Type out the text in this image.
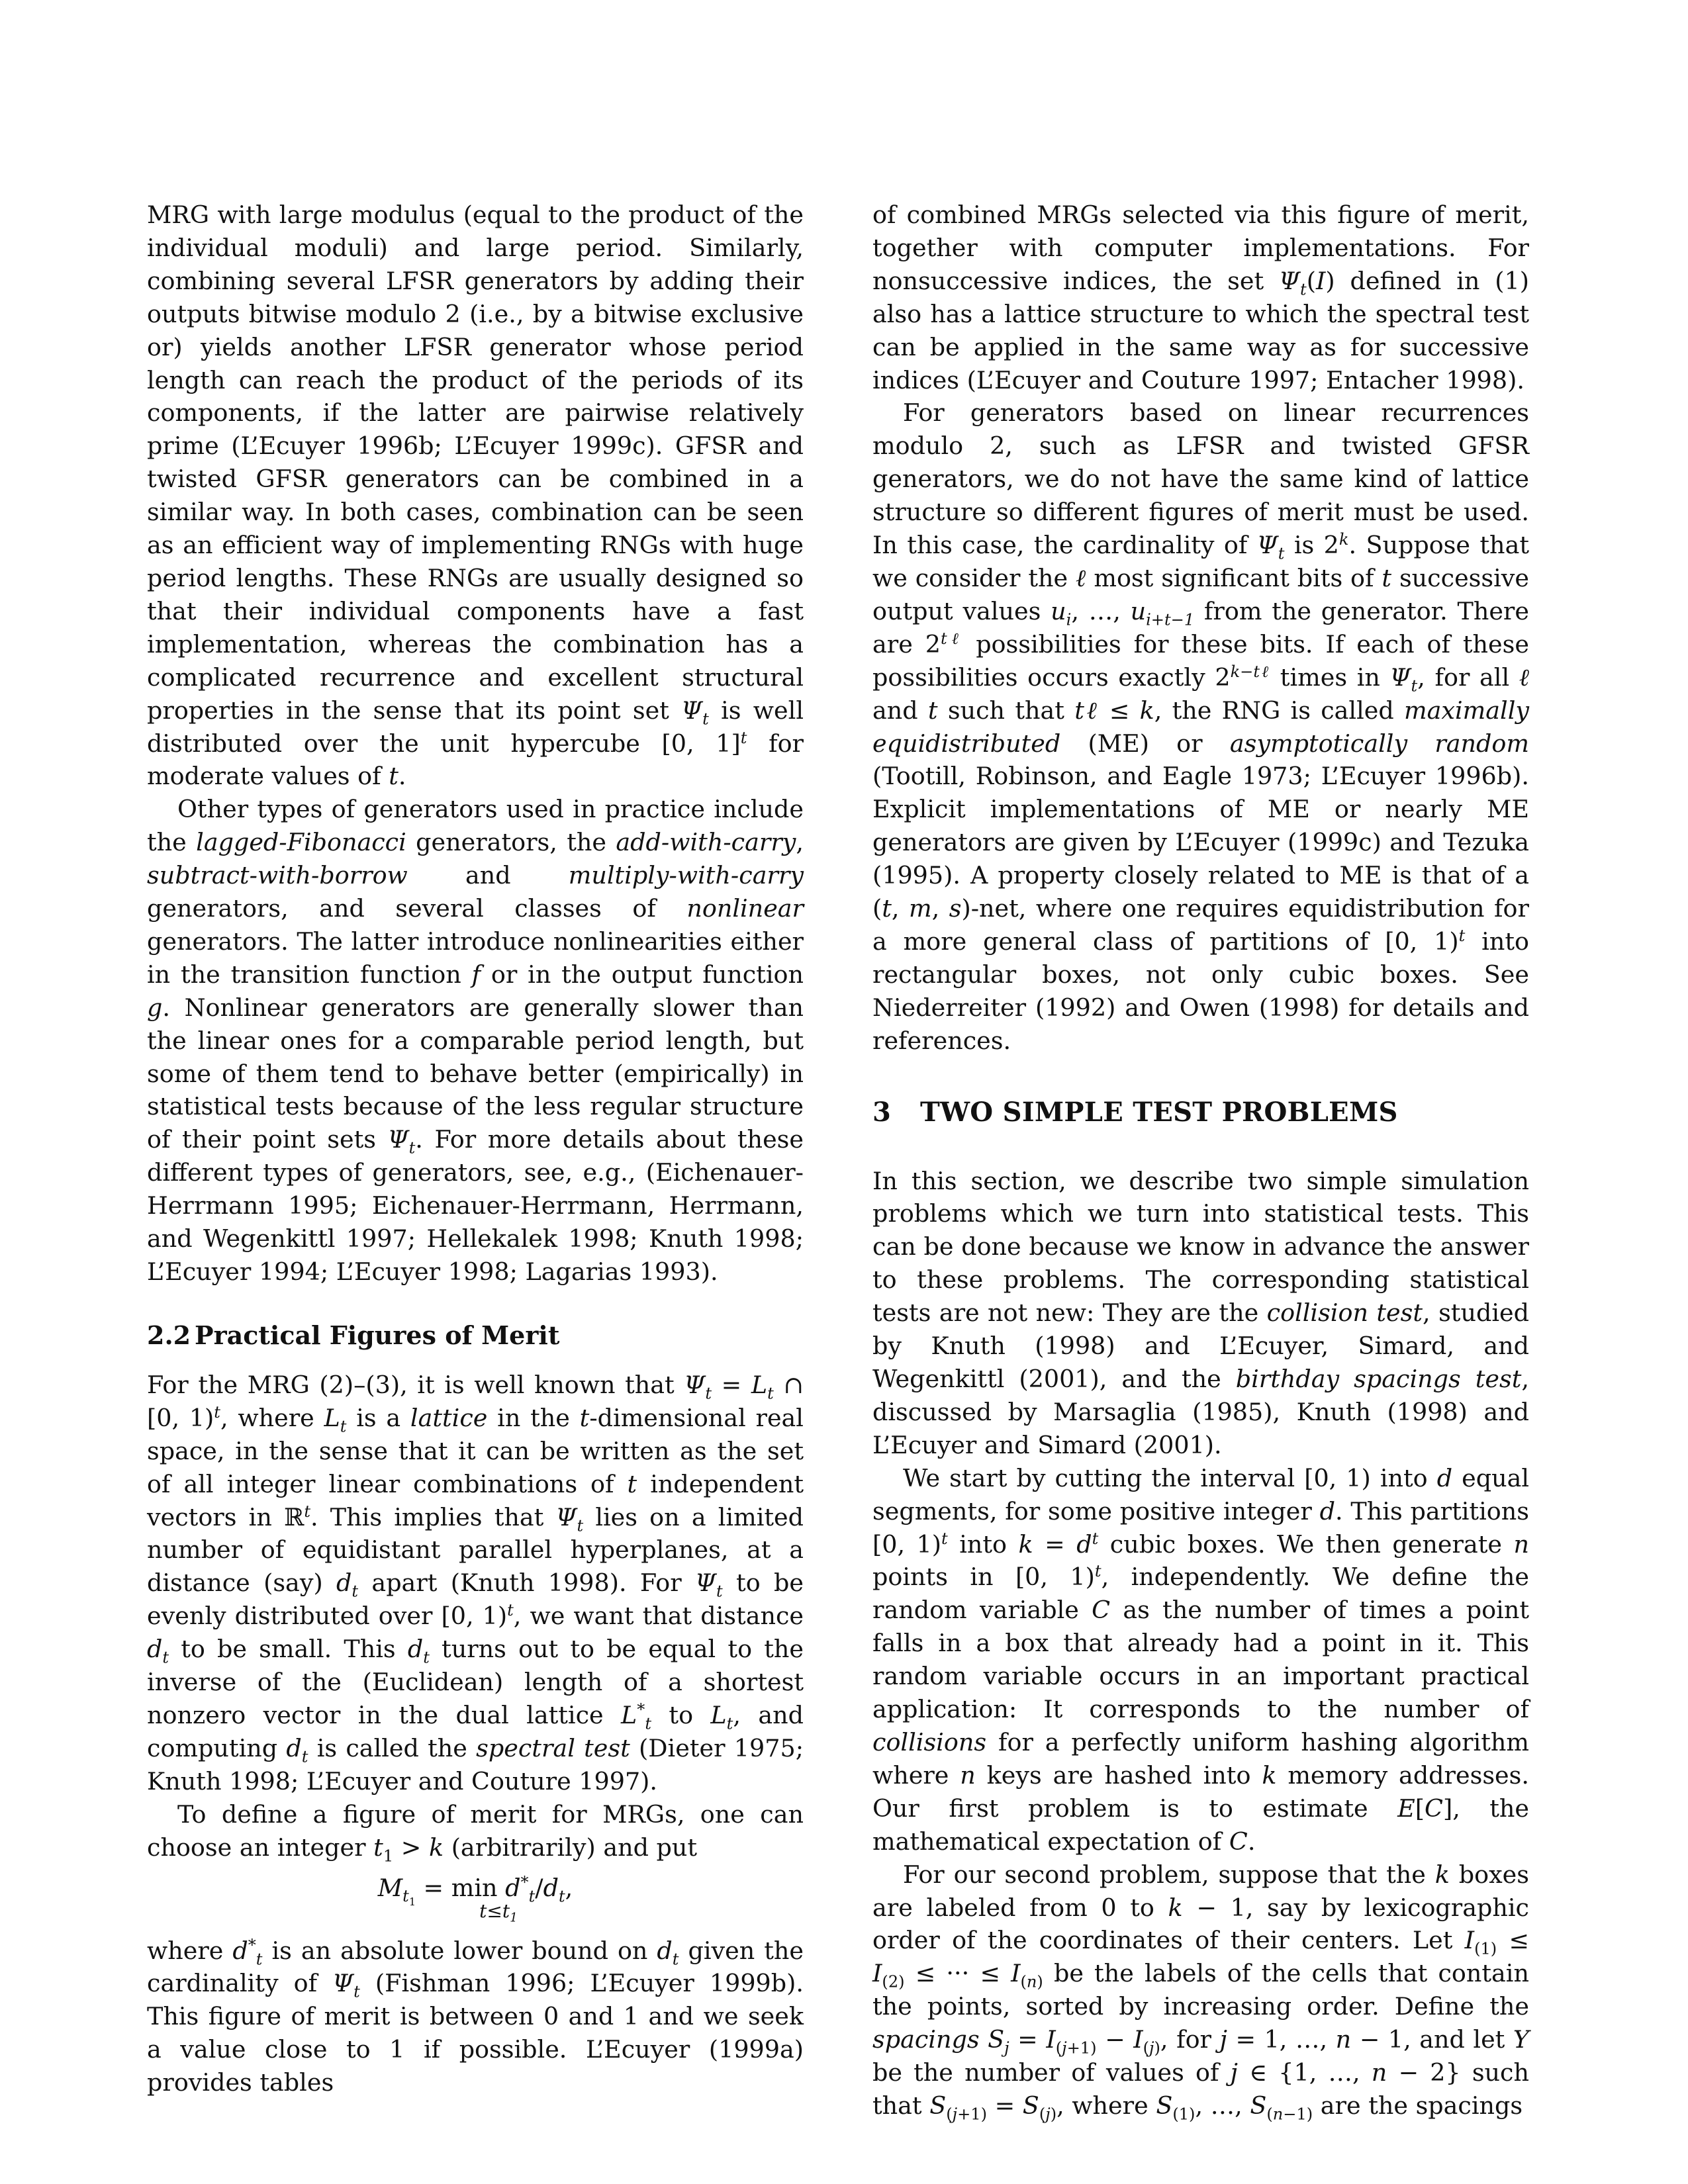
MRG with large modulus (equal to the product of the individual moduli) and large period. Similarly, combining several LFSR generators by adding their outputs bitwise modulo 2 (i.e., by a bitwise exclusive or) yields another LFSR generator whose period length can reach the product of the periods of its components, if the latter are pairwise relatively prime (L’Ecuyer 1996b; L’Ecuyer 1999c). GFSR and twisted GFSR generators can be combined in a similar way. In both cases, combination can be seen as an efficient way of implementing RNGs with huge period lengths. These RNGs are usually designed so that their individual components have a fast implementation, whereas the combination has a complicated recurrence and excellent structural properties in the sense that its point set $\Psi_t$ is well distributed over the unit hypercube [0, 1]$^t$ for moderate values of t.

Other types of generators used in practice include the lagged-Fibonacci generators, the add-with-carry, subtract-with-borrow and multiply-with-carry generators, and several classes of nonlinear generators. The latter introduce nonlinearities either in the transition function f or in the output function g. Nonlinear generators are generally slower than the linear ones for a comparable period length, but some of them tend to behave better (empirically) in statistical tests because of the less regular structure of their point sets $\Psi_t$. For more details about these different types of generators, see, e.g., (Eichenauer-Herrmann 1995; Eichenauer-Herrmann, Herrmann, and Wegenkittl 1997; Hellekalek 1998; Knuth 1998; L’Ecuyer 1994; L’Ecuyer 1998; Lagarias 1993).

2.2 Practical Figures of Merit

For the MRG (2)–(3), it is well known that $\Psi_t = L_t$ ∩ [0, 1)$^t$, where $L_t$ is a lattice in the t-dimensional real space, in the sense that it can be written as the set of all integer linear combinations of t independent vectors in ℝ$^t$. This implies that $\Psi_t$ lies on a limited number of equidistant parallel hyperplanes, at a distance (say) $d_t$ apart (Knuth 1998). For $\Psi_t$ to be evenly distributed over [0, 1)$^t$, we want that distance $d_t$ to be small. This $d_t$ turns out to be equal to the inverse of the (Euclidean) length of a shortest nonzero vector in the dual lattice $L^*_t$ to $L_t$, and computing $d_t$ is called the spectral test (Dieter 1975; Knuth 1998; L’Ecuyer and Couture 1997).

To define a figure of merit for MRGs, one can choose an integer $t_1 > k$ (arbitrarily) and put

$M_{t_1} = \min d^*_t/d_t$,
$t\le t_1$

where $d^*_t$ is an absolute lower bound on $d_t$ given the cardinality of $\Psi_t$ (Fishman 1996; L’Ecuyer 1999b). This figure of merit is between 0 and 1 and we seek a value close to 1 if possible. L’Ecuyer (1999a) provides tables

of combined MRGs selected via this figure of merit, together with computer implementations. For nonsuccessive indices, the set $\Psi_t(I)$ defined in (1) also has a lattice structure to which the spectral test can be applied in the same way as for successive indices (L’Ecuyer and Couture 1997; Entacher 1998).

For generators based on linear recurrences modulo 2, such as LFSR and twisted GFSR generators, we do not have the same kind of lattice structure so different figures of merit must be used. In this case, the cardinality of $\Psi_t$ is 2$^k$. Suppose that we consider the ℓ most significant bits of t successive output values $u_i$, …, $u_{i+t-1}$ from the generator. There are $2^{t\ell}$ possibilities for these bits. If each of these possibilities occurs exactly $2^{k-t\ell}$ times in $\Psi_t$, for all ℓ and t such that tℓ ≤ k, the RNG is called maximally equidistributed (ME) or asymptotically random (Tootill, Robinson, and Eagle 1973; L’Ecuyer 1996b). Explicit implementations of ME or nearly ME generators are given by L’Ecuyer (1999c) and Tezuka (1995). A property closely related to ME is that of a (t, m, s)-net, where one requires equidistribution for a more general class of partitions of [0, 1)$^t$ into rectangular boxes, not only cubic boxes. See Niederreiter (1992) and Owen (1998) for details and references.

3 TWO SIMPLE TEST PROBLEMS

In this section, we describe two simple simulation problems which we turn into statistical tests. This can be done because we know in advance the answer to these problems. The corresponding statistical tests are not new: They are the collision test, studied by Knuth (1998) and L’Ecuyer, Simard, and Wegenkittl (2001), and the birthday spacings test, discussed by Marsaglia (1985), Knuth (1998) and L’Ecuyer and Simard (2001).

We start by cutting the interval [0, 1) into d equal segments, for some positive integer d. This partitions [0, 1)$^t$ into $k = d^t$ cubic boxes. We then generate n points in [0, 1)$^t$, independently. We define the random variable C as the number of times a point falls in a box that already had a point in it. This random variable occurs in an important practical application: It corresponds to the number of collisions for a perfectly uniform hashing algorithm where n keys are hashed into k memory addresses. Our first problem is to estimate E[C], the mathematical expectation of C.

For our second problem, suppose that the k boxes are labeled from 0 to k − 1, say by lexicographic order of the coordinates of their centers. Let $I_{(1)} \le I_{(2)}$ ≤ ··· ≤ $I_{(n)}$ be the labels of the cells that contain the points, sorted by increasing order. Define the spacings $S_j = I_{(j+1)} - I_{(j)}$, for j = 1, …, n − 1, and let Y be the number of values of j ∈ {1, …, n − 2} such that $S_{(j+1)} = S_{(j)}$, where $S_{(1)}$, …, $S_{(n-1)}$ are the spacings
